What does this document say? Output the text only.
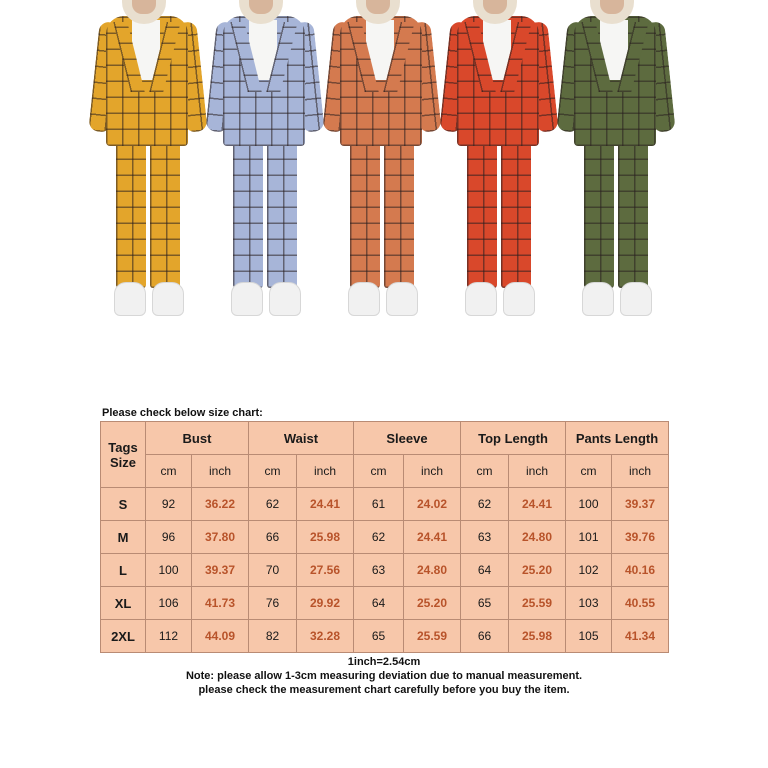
Please check below size chart:
Tags Size	Bust		Waist		Sleeve		Top Length		Pants Length	
	cm	inch	cm	inch	cm	inch	cm	inch	cm	inch
S	92	36.22	62	24.41	61	24.02	62	24.41	100	39.37
M	96	37.80	66	25.98	62	24.41	63	24.80	101	39.76
L	100	39.37	70	27.56	63	24.80	64	25.20	102	40.16
XL	106	41.73	76	29.92	64	25.20	65	25.59	103	40.55
2XL	112	44.09	82	32.28	65	25.59	66	25.98	105	41.34
1inch=2.54cm
Note: please allow 1-3cm measuring deviation due to manual measurement.
please check the measurement chart carefully before you buy the item.
